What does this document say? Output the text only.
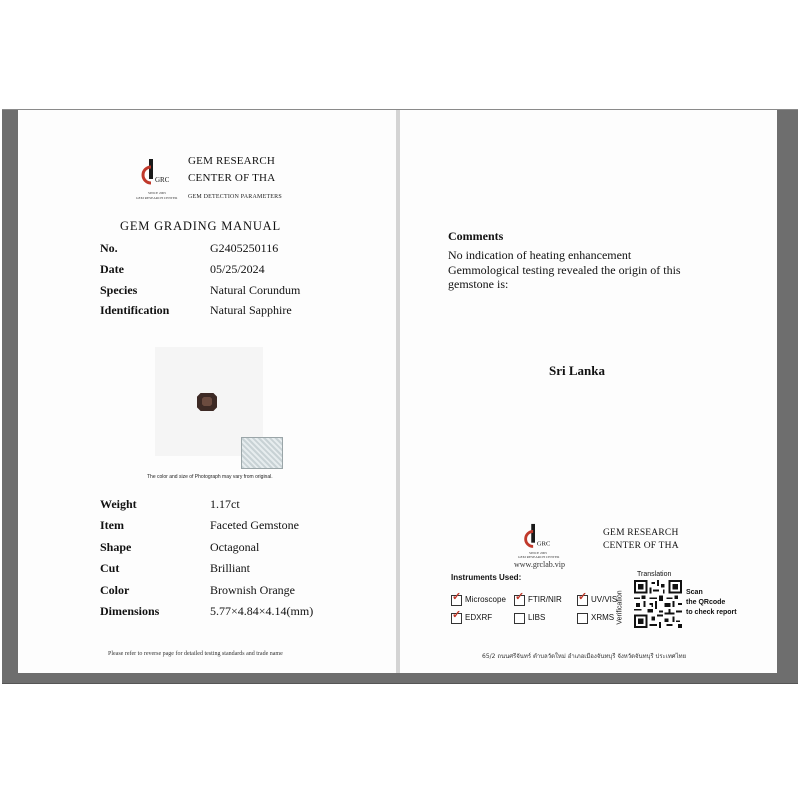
GRC
SINCE 2005
GEM RESEARCH CENTER
GEM RESEARCH
CENTER OF THA
GEM DETECTION PARAMETERS
GEM GRADING MANUAL
No.	G2405250116
Date	05/25/2024
Species	Natural Corundum
Identification	Natural Sapphire
The color and size of Photograph may vary from original.
Weight	1.17ct
Item	Faceted Gemstone
Shape	Octagonal
Cut	Brilliant
Color	Brownish Orange
Dimensions	5.77×4.84×4.14(mm)
Please refer to reverse page for detailed testing standards and trade name
Comments
No indication of heating enhancement
Gemmological testing revealed the origin of this
gemstone is:
Sri Lanka
GRC
SINCE 2005
GEM RESEARCH CENTER
www.grclab.vip
GEM RESEARCH
CENTER OF THA
Instruments Used:
✓ Microscope ✓ FTIR/NIR ✓ UV/VIS
✓ EDXRF	LIBS	XRMS
Translation
Verification	Scan
the QRcode
to check report
65/2 ถนนศรีจันทร์ ตำบลวัดใหม่ อำเภอเมืองจันทบุรี จังหวัดจันทบุรี ประเทศไทย
